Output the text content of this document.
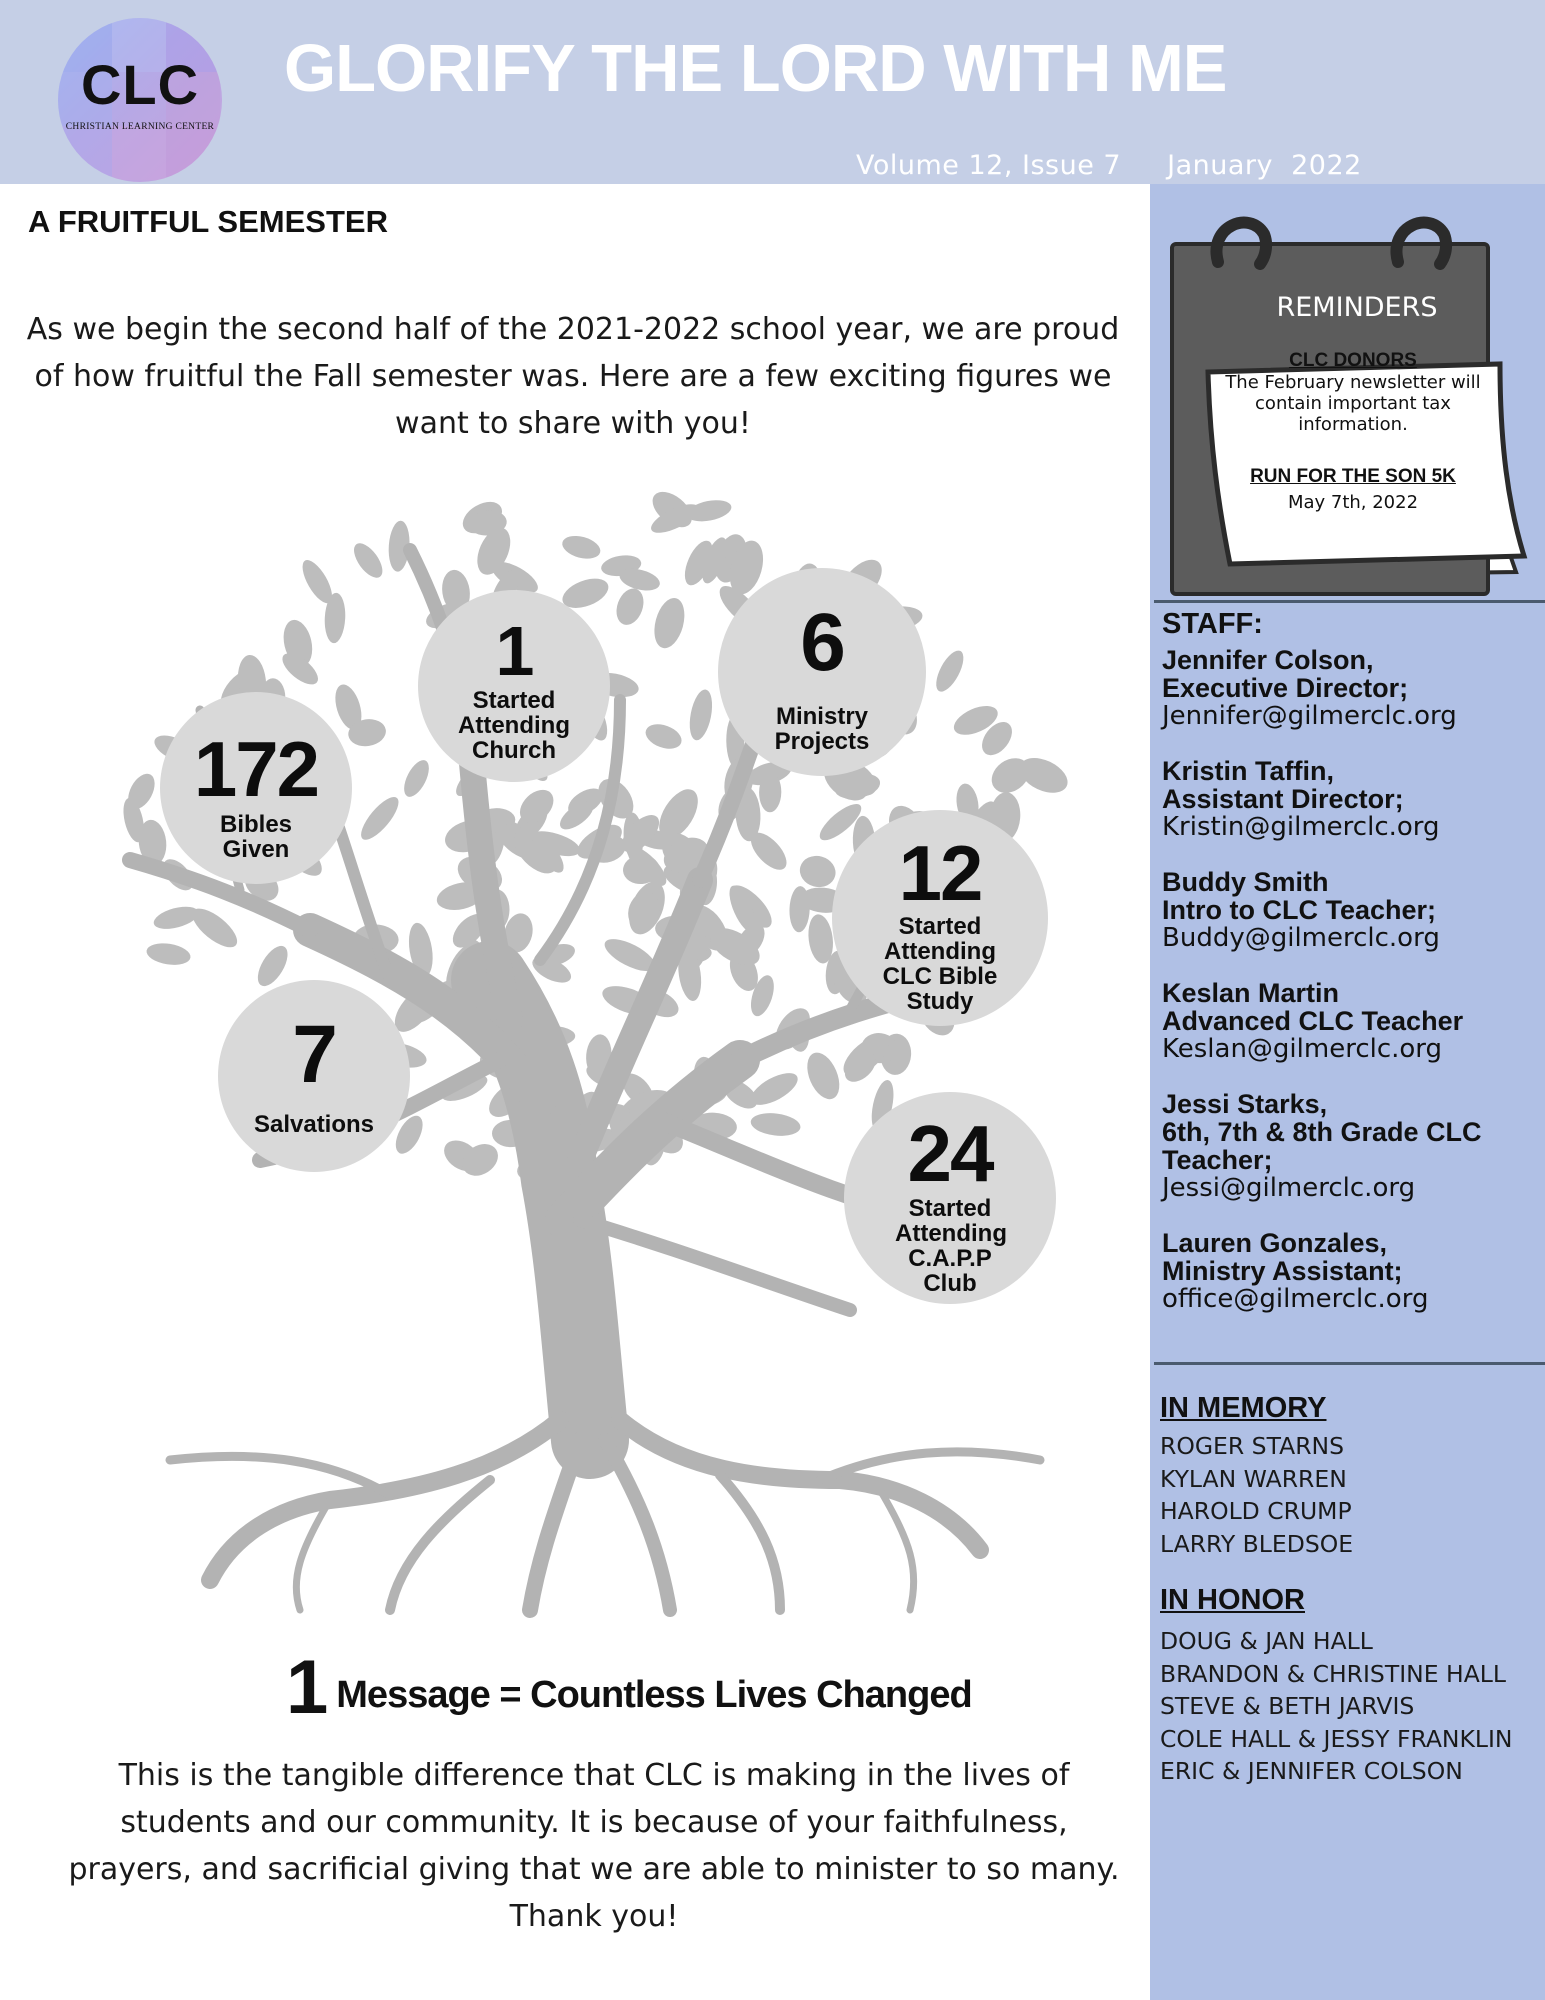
CLC
CHRISTIAN LEARNING CENTER
GLORIFY THE LORD WITH ME
Volume 12, Issue 7 January  2022
A FRUITFUL SEMESTER
As we begin the second half of the 2021-2022 school year, we are proud of how fruitful the Fall semester was. Here are a few exciting figures we want to share with you!
172
Bibles Given
1
Started Attending Church
6
Ministry Projects
12
Started Attending CLC Bible Study
7
Salvations	24
Started Attending C.A.P.P Club
1 Message = Countless Lives Changed
This is the tangible difference that CLC is making in the lives of students and our community. It is because of your faithfulness, prayers, and sacrificial giving that we are able to minister to so many.
Thank you!
REMINDERS
CLC DONORS
The February newsletter will contain important tax information.
RUN FOR THE SON 5K
May 7th, 2022
STAFF:
Jennifer Colson,
Executive Director;
Jennifer@gilmerclc.org
Kristin Taffin,
Assistant Director;
Kristin@gilmerclc.org
Buddy Smith
Intro to CLC Teacher;
Buddy@gilmerclc.org
Keslan Martin
Advanced CLC Teacher
Keslan@gilmerclc.org
Jessi Starks,
6th, 7th & 8th Grade CLC Teacher;
Jessi@gilmerclc.org
Lauren Gonzales,
Ministry Assistant;
office@gilmerclc.org
IN MEMORY
ROGER STARNS
KYLAN WARREN
HAROLD CRUMP
LARRY BLEDSOE
IN HONOR
DOUG & JAN HALL
BRANDON & CHRISTINE HALL
STEVE & BETH JARVIS
COLE HALL & JESSY FRANKLIN
ERIC & JENNIFER COLSON
